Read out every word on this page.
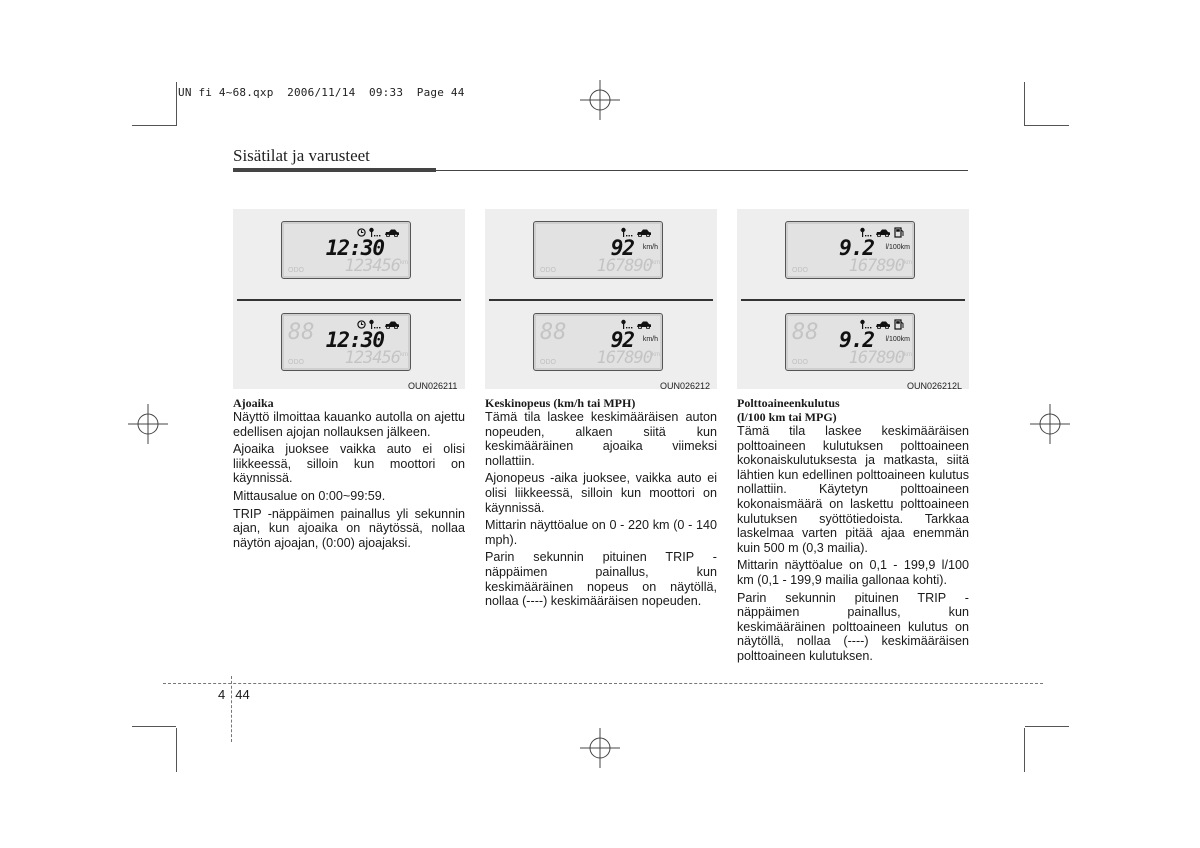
UN fi 4~68.qxp  2006/11/14  09:33  Page 44
Sisätilat ja varusteet
12:30
ODO 123456 km
88 12:30
ODO 123456 km
OUN026211
92 km/h
ODO 167890 km
88 92 km/h
ODO 167890 km
OUN026212
9.2 l/100km
ODO 167890 km
88 9.2 l/100km
ODO 167890 km
OUN026212L
Ajoaika

Näyttö ilmoittaa kauanko autolla on ajettu edellisen ajojan nollauksen jälkeen.

Ajoaika juoksee vaikka auto ei olisi liikkeessä, silloin kun moottori on käynnissä.

Mittausalue on 0:00~99:59.

TRIP -näppäimen painallus yli sekunnin ajan, kun ajoaika on näytössä, nollaa näytön ajoajan, (0:00) ajoajaksi.

Keskinopeus (km/h tai MPH)

Tämä tila laskee keskimääräisen auton nopeuden, alkaen siitä kun keskimääräinen ajoaika viimeksi nollattiin.

Ajonopeus -aika juoksee, vaikka auto ei olisi liikkeessä, silloin kun moottori on käynnissä.

Mittarin näyttöalue on 0 - 220 km (0 - 140 mph).

Parin sekunnin pituinen TRIP -näppäimen painallus, kun keskimääräinen nopeus on näytöllä, nollaa (----) keskimääräisen nopeuden.

Polttoaineenkulutus
(l/100 km tai MPG)

Tämä tila laskee keskimääräisen polttoaineen kulutuksen polttoaineen kokonaiskulutuksesta ja matkasta, siitä lähtien kun edellinen polttoaineen kulutus nollattiin. Käytetyn polttoaineen kokonaismäärä on laskettu polttoaineen kulutuksen syöttötiedoista. Tarkkaa laskelmaa varten pitää ajaa enemmän kuin 500 m (0,3 mailia).

Mittarin näyttöalue on 0,1 - 199,9 l/100 km (0,1 - 199,9 mailia gallonaa kohti).

Parin sekunnin pituinen TRIP -näppäimen painallus, kun keskimääräinen polttoaineen kulutus on näytöllä, nollaa (----) keskimääräisen polttoaineen kulutuksen.

4 44
